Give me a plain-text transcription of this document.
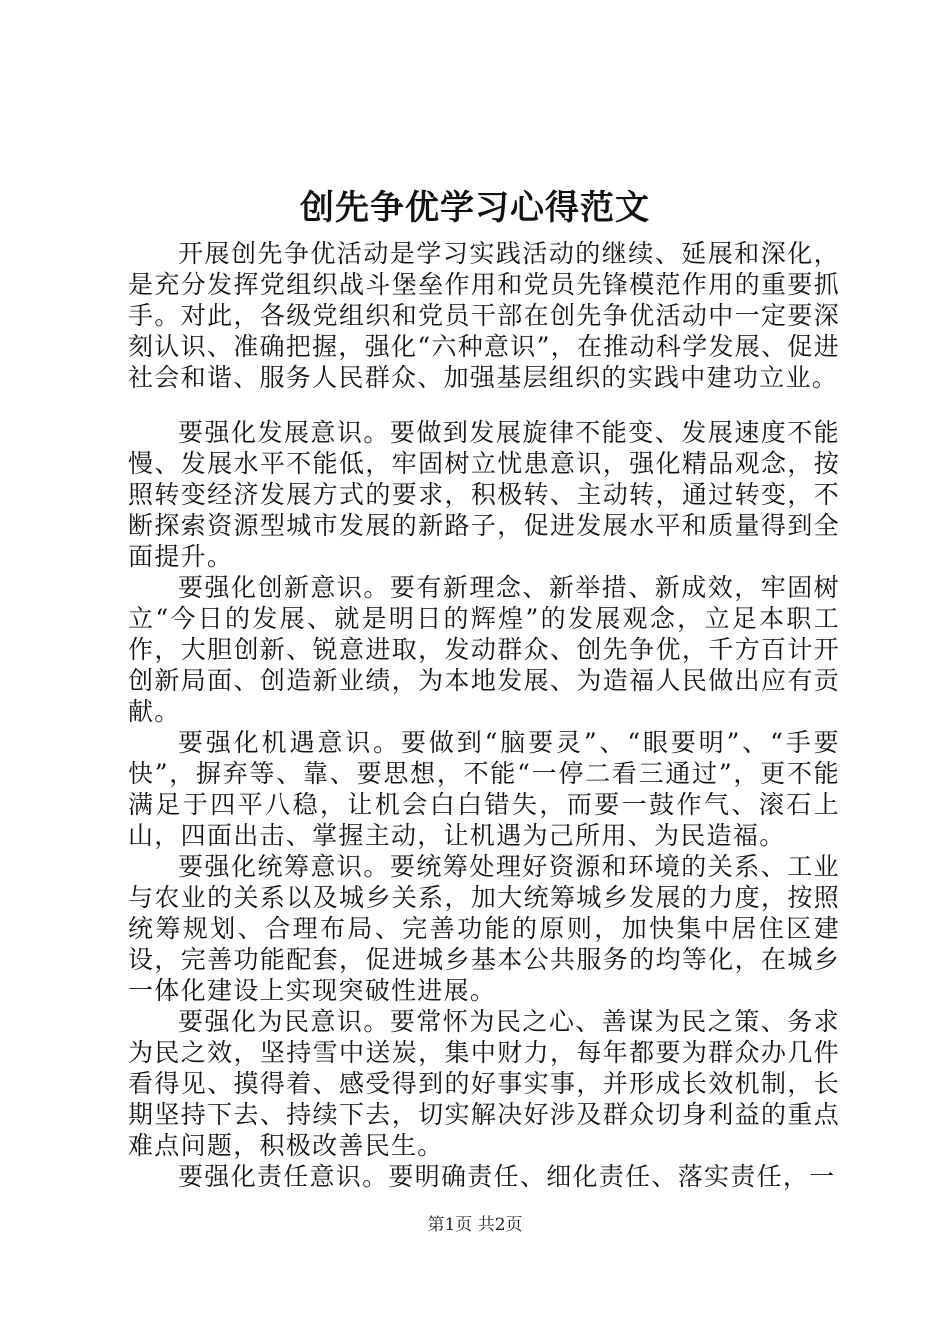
创先争优学习心得范文

开展创先争优活动是学习实践活动的继续、延展和深化，是充分发挥党组织战斗堡垒作用和党员先锋模范作用的重要抓手。对此，各级党组织和党员干部在创先争优活动中一定要深刻认识、准确把握，强化“六种意识”，在推动科学发展、促进社会和谐、服务人民群众、加强基层组织的实践中建功立业。

要强化发展意识。要做到发展旋律不能变、发展速度不能慢、发展水平不能低，牢固树立忧患意识，强化精品观念，按照转变经济发展方式的要求，积极转、主动转，通过转变，不断探索资源型城市发展的新路子，促进发展水平和质量得到全面提升。

要强化创新意识。要有新理念、新举措、新成效，牢固树立“今日的发展、就是明日的辉煌”的发展观念，立足本职工作，大胆创新、锐意进取，发动群众、创先争优，千方百计开创新局面、创造新业绩，为本地发展、为造福人民做出应有贡献。

要强化机遇意识。要做到“脑要灵”、“眼要明”、“手要快”，摒弃等、靠、要思想，不能“一停二看三通过”，更不能满足于四平八稳，让机会白白错失，而要一鼓作气、滚石上山，四面出击、掌握主动，让机遇为己所用、为民造福。

要强化统筹意识。要统筹处理好资源和环境的关系、工业与农业的关系以及城乡关系，加大统筹城乡发展的力度，按照统筹规划、合理布局、完善功能的原则，加快集中居住区建设，完善功能配套，促进城乡基本公共服务的均等化，在城乡一体化建设上实现突破性进展。

要强化为民意识。要常怀为民之心、善谋为民之策、务求为民之效，坚持雪中送炭，集中财力，每年都要为群众办几件看得见、摸得着、感受得到的好事实事，并形成长效机制，长期坚持下去、持续下去，切实解决好涉及群众切身利益的重点难点问题，积极改善民生。

要强化责任意识。要明确责任、细化责任、落实责任，一

第1页 共2页
